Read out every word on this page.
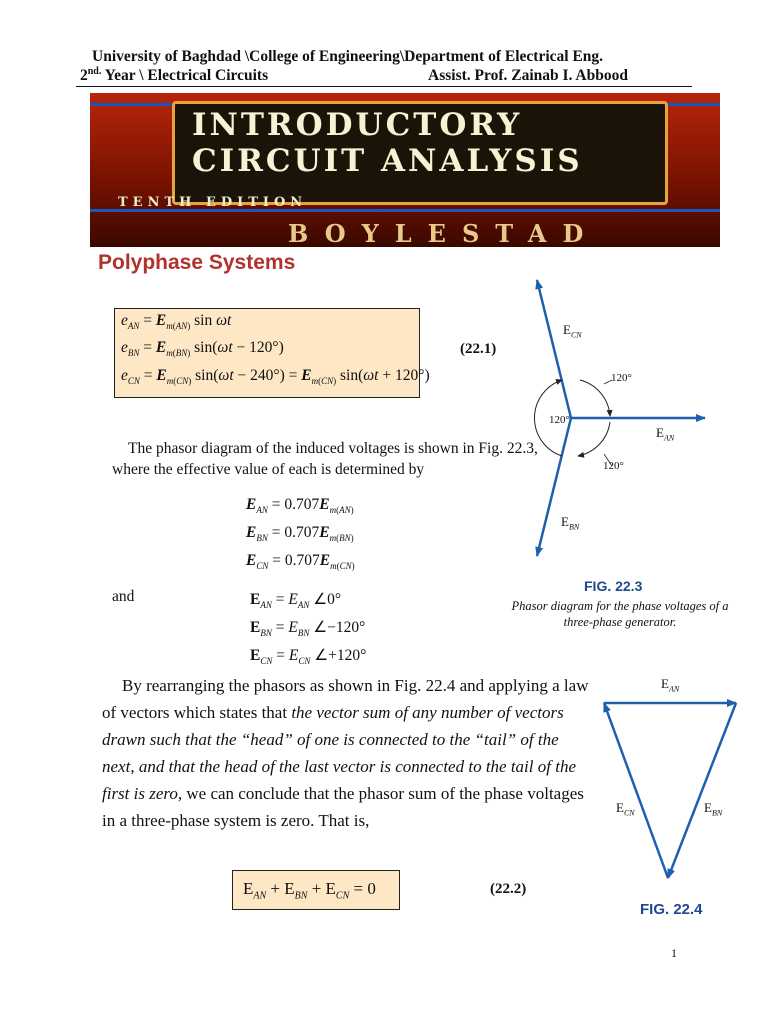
University of Baghdad \College of Engineering\Department of Electrical Eng.
$2^{nd.}$ Year \ Electrical Circuits	Assist. Prof. Zainab I. Abbood
INTRODUCTORY
CIRCUIT ANALYSIS
TENTH EDITION
BOYLESTAD
Polyphase Systems
$e_{AN} = E_{m(AN)}$ sin ωt
$e_{BN} = E_{m(BN)}$ sin(ωt − 120°)
$e_{CN} = E_{m(CN)}$ $\sin(\omega t - 240^\circ) = E_{m(CN)}$ sin(ωt + 120°)
(22.1)
The phasor diagram of the induced voltages is shown in Fig. 22.3,
where the effective value of each is determined by
$E_{AN} = 0.707E_{m(AN)}$
$E_{BN} = 0.707E_{m(BN)}$
$E_{CN} = 0.707E_{m(CN)}$
and	$E_{AN} = E_{AN}$ ∠0°
$E_{BN} = E_{BN}$ ∠−120°
$E_{CN} = E_{CN}$ ∠+120°
$E_{CN}$
120°
120°
$E_{AN}$
120°
$E_{BN}$
FIG. 22.3
Phasor diagram for the phase voltages of a
three-phase generator.
By rearranging the phasors as shown in Fig. 22.4 and applying a law
of vectors which states that the vector sum of any number of vectors
drawn such that the “head” of one is connected to the “tail” of the
next, and that the head of the last vector is connected to the tail of the
first is zero, we can conclude that the phasor sum of the phase voltages
in a three-phase system is zero. That is,
$E_{AN} + E_{BN} + E_{CN} = 0$	(22.2)
$E_{AN}$
$E_{CN}$	$E_{BN}$
FIG. 22.4
1
